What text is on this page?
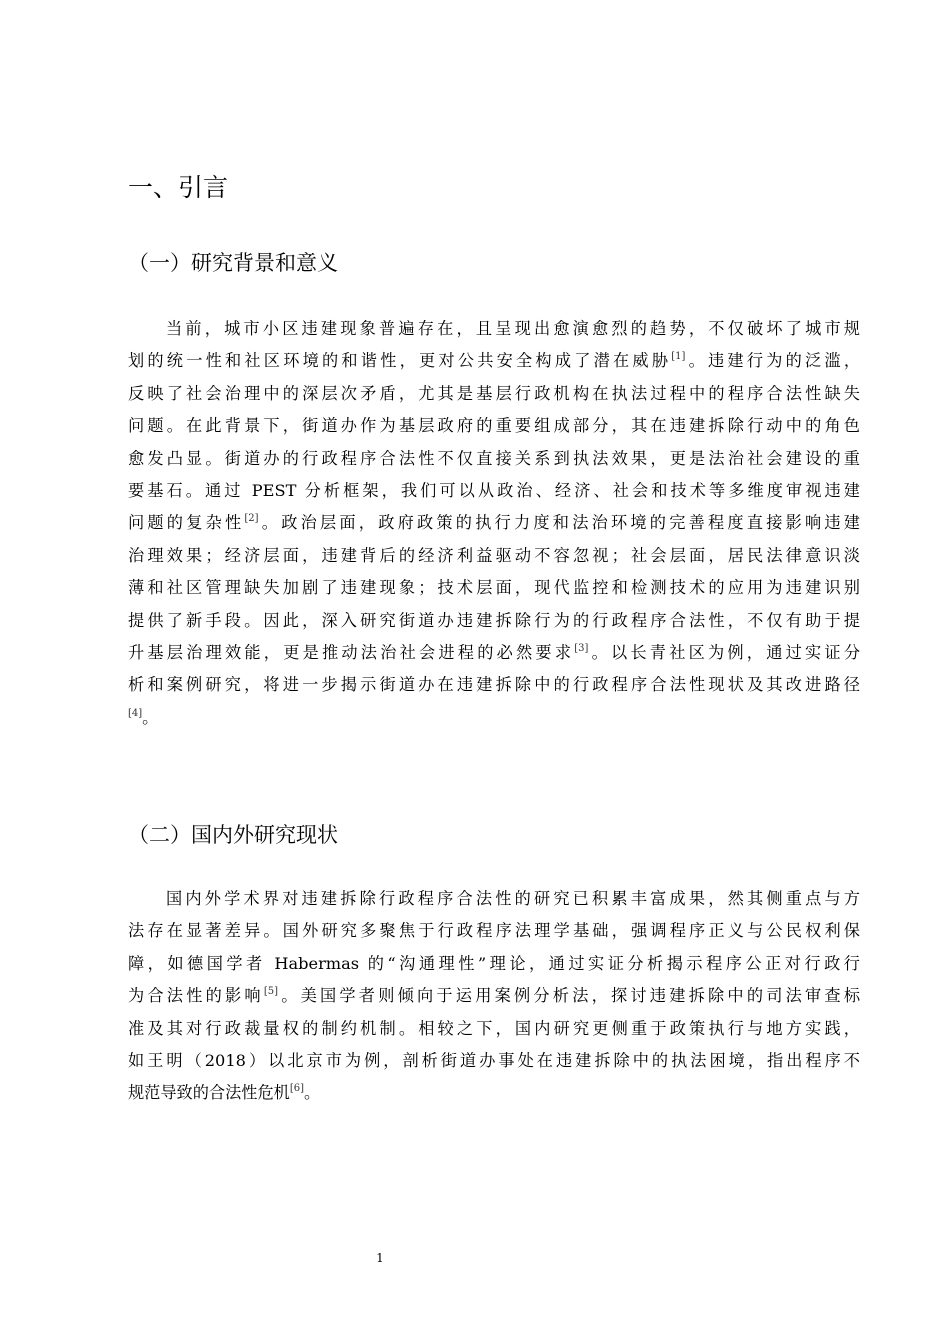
一、引言
（一）研究背景和意义
当前，城市小区违建现象普遍存在，且呈现出愈演愈烈的趋势，不仅破坏了城市规
划的统一性和社区环境的和谐性，更对公共安全构成了潜在威胁[1]。违建行为的泛滥，
反映了社会治理中的深层次矛盾，尤其是基层行政机构在执法过程中的程序合法性缺失
问题。在此背景下，街道办作为基层政府的重要组成部分，其在违建拆除行动中的角色
愈发凸显。街道办的行政程序合法性不仅直接关系到执法效果，更是法治社会建设的重
要基石。通过 PEST 分析框架，我们可以从政治、经济、社会和技术等多维度审视违建
问题的复杂性[2]。政治层面，政府政策的执行力度和法治环境的完善程度直接影响违建
治理效果；经济层面，违建背后的经济利益驱动不容忽视；社会层面，居民法律意识淡
薄和社区管理缺失加剧了违建现象；技术层面，现代监控和检测技术的应用为违建识别
提供了新手段。因此，深入研究街道办违建拆除行为的行政程序合法性，不仅有助于提
升基层治理效能，更是推动法治社会进程的必然要求[3]。以长青社区为例，通过实证分
析和案例研究，将进一步揭示街道办在违建拆除中的行政程序合法性现状及其改进路径
[4]。
（二）国内外研究现状
国内外学术界对违建拆除行政程序合法性的研究已积累丰富成果，然其侧重点与方
法存在显著差异。国外研究多聚焦于行政程序法理学基础，强调程序正义与公民权利保
障，如德国学者 Habermas 的“沟通理性”理论，通过实证分析揭示程序公正对行政行
为合法性的影响[5]。美国学者则倾向于运用案例分析法，探讨违建拆除中的司法审查标
准及其对行政裁量权的制约机制。相较之下，国内研究更侧重于政策执行与地方实践，
如王明（2018）以北京市为例，剖析街道办事处在违建拆除中的执法困境，指出程序不
规范导致的合法性危机[6]。
1
